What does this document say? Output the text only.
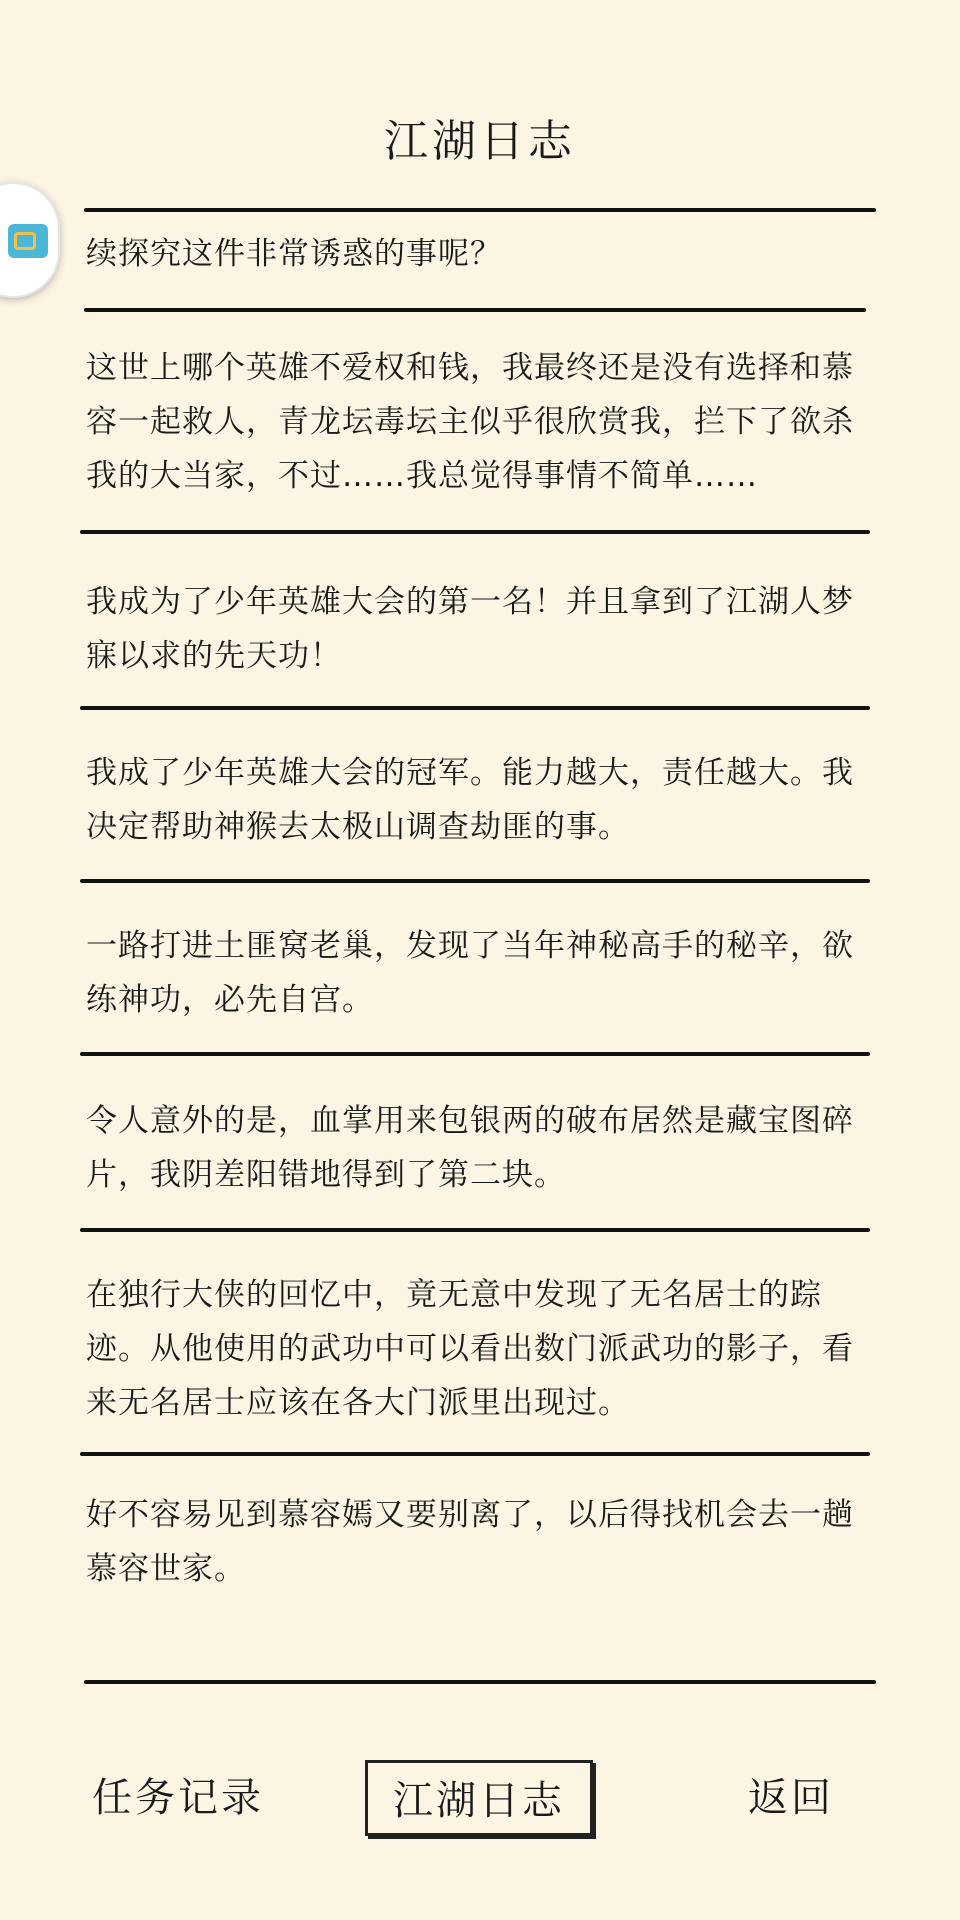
江湖日志
续探究这件非常诱惑的事呢？
这世上哪个英雄不爱权和钱，我最终还是没有选择和慕容一起救人，青龙坛毒坛主似乎很欣赏我，拦下了欲杀我的大当家，不过……我总觉得事情不简单……
我成为了少年英雄大会的第一名！并且拿到了江湖人梦寐以求的先天功！
我成了少年英雄大会的冠军。能力越大，责任越大。我决定帮助神猴去太极山调查劫匪的事。
一路打进土匪窝老巢，发现了当年神秘高手的秘辛，欲练神功，必先自宫。
令人意外的是，血掌用来包银两的破布居然是藏宝图碎片，我阴差阳错地得到了第二块。
在独行大侠的回忆中，竟无意中发现了无名居士的踪迹。从他使用的武功中可以看出数门派武功的影子，看来无名居士应该在各大门派里出现过。
好不容易见到慕容嫣又要别离了，以后得找机会去一趟慕容世家。
任务记录	江湖日志	返回
